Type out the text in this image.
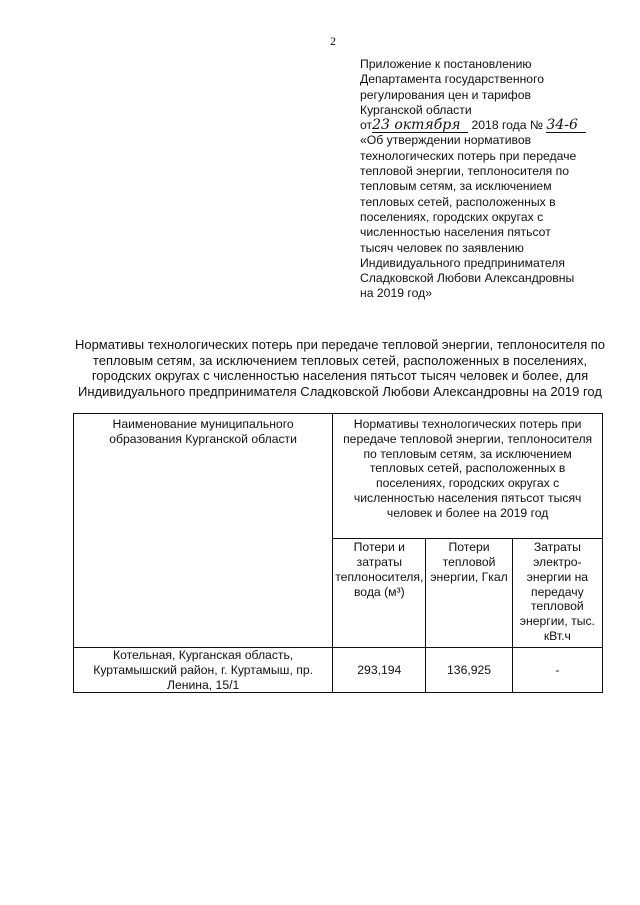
2
Приложение к постановлению
Департамента государственного
регулирования цен и тарифов
Курганской области
от23 октября 2018 года № 34-6
«Об утверждении нормативов
технологических потерь при передаче
тепловой энергии, теплоносителя по
тепловым сетям, за исключением
тепловых сетей, расположенных в
поселениях, городских округах с
численностью населения пятьсот
тысяч человек по заявлению
Индивидуального предпринимателя
Сладковской Любови Александровны
на 2019 год»
Нормативы технологических потерь при передаче тепловой энергии, теплоносителя по
тепловым сетям, за исключением тепловых сетей, расположенных в поселениях,
городских округах с численностью населения пятьсот тысяч человек и более, для
Индивидуального предпринимателя Сладковской Любови Александровны на 2019 год
Наименование муниципального образования Курганской области	Нормативы технологических потерь при передаче тепловой энергии, теплоносителя по тепловым сетям, за исключением тепловых сетей, расположенных в поселениях, городских округах с численностью населения пятьсот тысяч человек и более на 2019 год		
	Потери и затраты теплоносителя, вода (м³)	Потери тепловой энергии, Гкал	Затраты электро-энергии на передачу тепловой энергии, тыс. кВт.ч
Котельная, Курганская область, Куртамышский район, г. Куртамыш, пр. Ленина, 15/1	293,194	136,925	-
